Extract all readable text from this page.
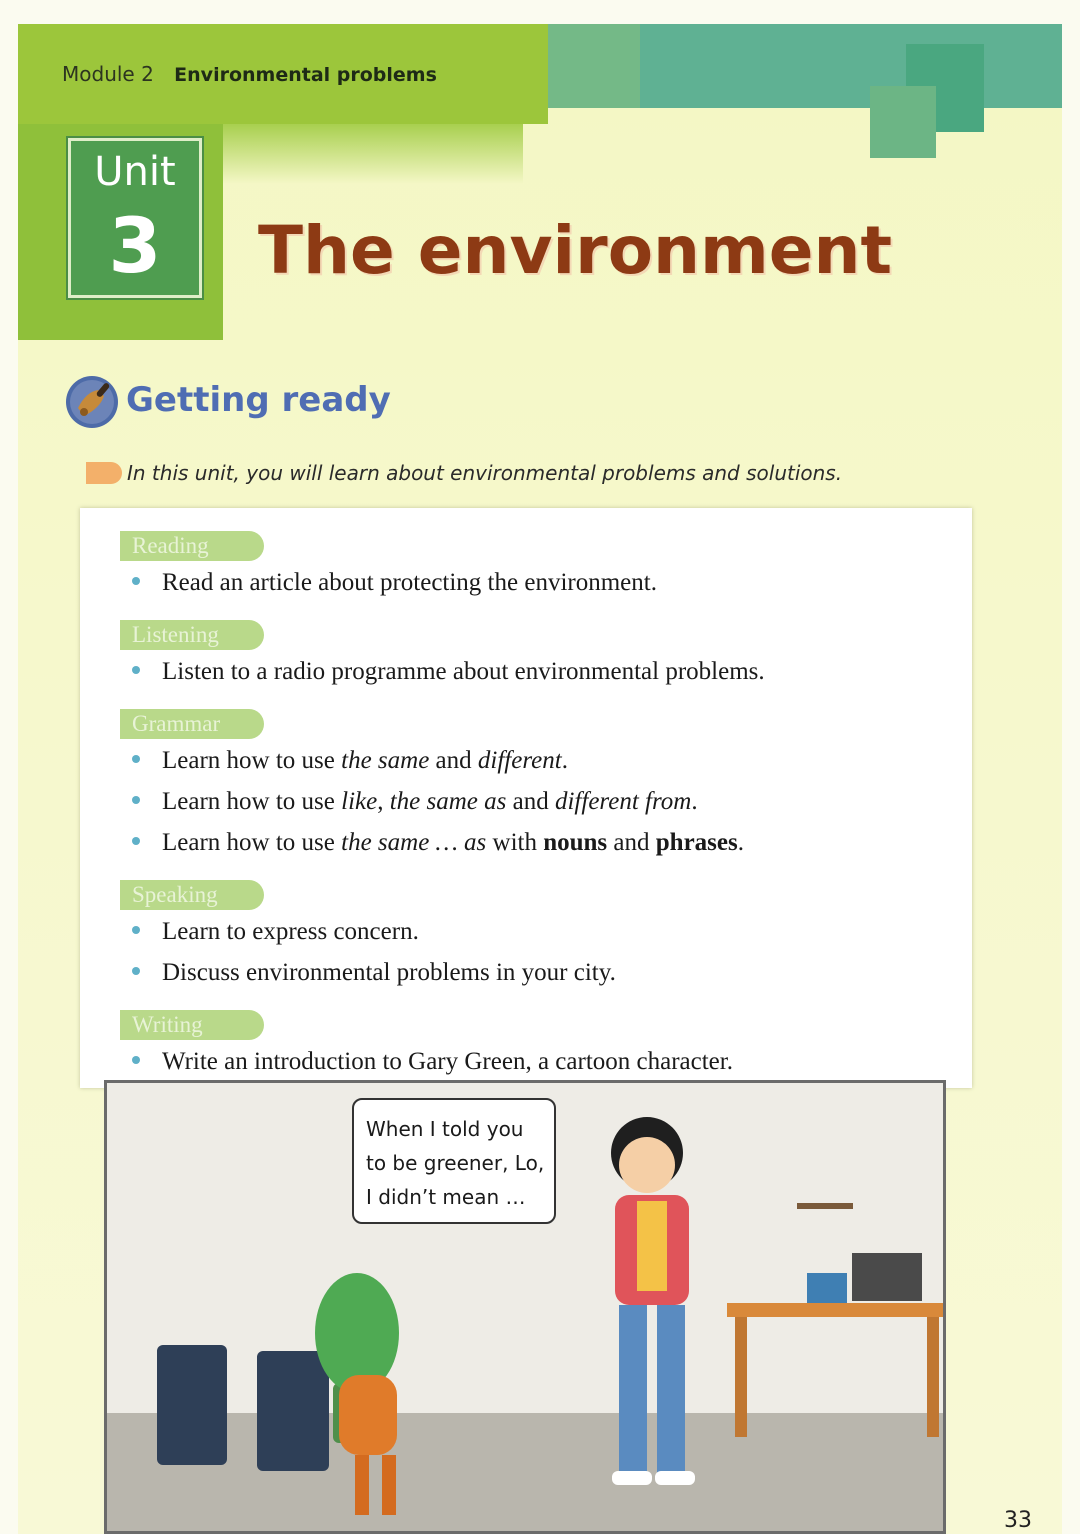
Module 2 Environmental problems
Unit
3	The environment
Getting ready
In this unit, you will learn about environmental problems and solutions.
Reading
Read an article about protecting the environment.
Listening
Listen to a radio programme about environmental problems.
Grammar
Learn how to use the same and different.
Learn how to use like, the same as and different from.
Learn how to use the same … as with nouns and phrases.
Speaking
Learn to express concern.
Discuss environmental problems in your city.
Writing
Write an introduction to Gary Green, a cartoon character.
When I told you
to be greener, Lo,
I didn’t mean …
33
